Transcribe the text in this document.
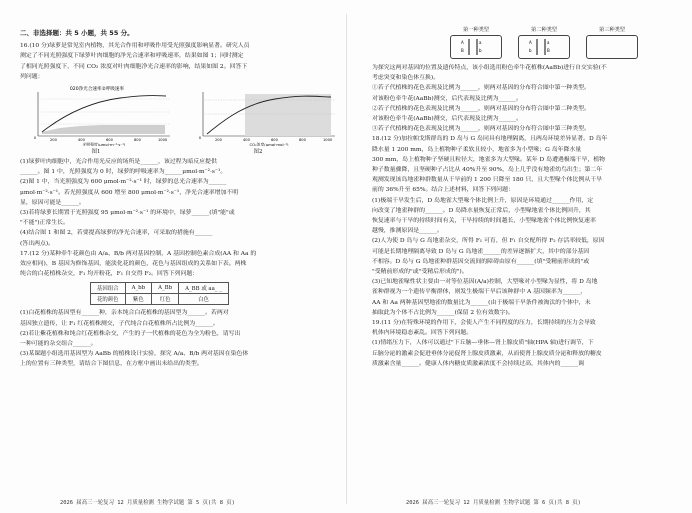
二、非选择题：共 5 小题，共 55 分。

16.(10 分)绿萝是常见室内植物，其光合作用和呼吸作用受光照强度影响显著。研究人员

测定了不同光照强度下绿萝叶肉细胞的净光合速率和呼吸速率，结果如图 1；同时测定

了相同光照强度下，不同 CO₂ 浓度对叶肉细胞净光合速率的影响，结果如图 2。回答下

列问题：

020净光合速率②呼吸速率
0	200	400	600	800	1000
光照强度(μmol·m⁻²·s⁻¹)
0	200	400	600	800	1000
CO₂浓度(μmol·mol⁻¹)
图1	图2

(1)绿萝叶肉细胞中，光合作用光反应的场所是______，该过程为暗反应提供

______。图 1 中，光照强度为 0 时，绿萝的呼吸速率为______μmol·m⁻²·s⁻¹。

(2)图 1 中，当光照强度为 600 μmol·m⁻²·s⁻¹ 时，绿萝的总光合速率为______

μmol·m⁻²·s⁻¹。若光照强度从 600 增至 800 μmol·m⁻²·s⁻¹，净光合速率增加不明

显，原因可能是______。

(3)若将绿萝长期置于光照强度 95 μmol·m⁻²·s⁻¹ 的环境中，绿萝______(填"能"或

"不能")正常生长。

(4)结合图 1 和图 2，若要提高绿萝的净光合速率，可采取的措施有______

(答出两点)。

17.(12 分)某种牵牛花颜色由 A/a、B/b 两对基因控制，A 基因控制色素合成(AA 和 Aa 的

效应相同)，B 基因为修饰基因，能淡化花的颜色，花色与基因组成的关系如下表。两株

纯合的白花植株杂交，F₁ 均开粉花，F₁ 自交得 F₂。回答下列问题：

基因组合	A_bb	A_Bb	A_BB 或 aa_ _
花的颜色	紫色	红色	白色

(1)白花植株的基因型有______种，亲本纯合白花植株的基因型为______。若两对

基因独立遗传，让 F₁ 红花植株测交，子代纯合白花植株所占比例为______。

(2)若让紫花植株和纯合红花植株杂交，产生的子一代植株的花色为全为粉色，请写出

一种可能的杂交组合______。

(3)某课题小组选用基因型为 AaBb 的植株设计实验，探究 A/a、B/b 两对基因在染色体

上的位置有三种类型，请结合下图信息，在方框中画出未给出的类型。

2026 届高三一轮复习 12 月质量检测 生物学试题 第 5 页(共 8 页)
第一种类型
A	a
B	b
第二种类型
A	a
b	B
第三种类型

为探究这两对基因的位置及遗传特点，该小组选用粉色牵牛花植株(AaBb)进行自交实验(不

考虑突变和染色体互换)。

①若子代植株的花色表现及比例为______，则两对基因的分布符合图中第一种类型。

对该粉色牵牛花(AaBb)测交，后代表现及比例为______。

②若子代植株的花色表现及比例为______，则两对基因的分布符合图中第二种类型。

对该粉色牵牛花(AaBb)测交，后代表现及比例为______。

③若子代植株的花色表现及比例为______，则两对基因的分布符合图中第三种类型。

18.(12 分)加拉帕戈斯群岛的 D 岛与 G 岛同具有地理隔离，且两岛环境差异显著。D 岛年

降水量 1 200 mm，岛上植物种子柔软且较小，地雀多为小型喙；G 岛年降水量

300 mm，岛上植物种子坚硬且粒径大，地雀多为大型喙。某年 D 岛遭遇极端干旱，植物

种子数量骤降，且坚硬种子占比从 40%升至 90%，岛上几乎没有地雀幼鸟出生；第二年

观测发现该岛地雀种群数量从干旱前的 1 200 只降至 180 只，且大型喙个体比例从干旱

前的 36%升至 65%。结合上述材料，回答下列问题：

(1)极端干旱发生后，D 岛地雀大型喙个体比例上升，原因是环境通过______作用，定

向改变了地雀种群的______。D 岛降水量恢复正常后，小型喙地雀个体比例回升，其

恢复速率与干旱的持续时间有关，干旱持续的时间越长，小型喙地雀个体比例恢复速率

越慢，推测原因是______。

(2)人为使 D 岛与 G 岛地雀杂交，所得 F₁ 可育，但 F₁ 自交配所得 F₂ 存活率较低，原因

可能是长期地理隔离导致 D 岛与 G 岛地雀______的差异逐渐扩大，其中的部分基因

不相容。D 岛与 G 岛地雀种群基因交流间的障碍由原有______(填"受精前形成的"或

"受精前形成的"或"受精后形成的")。

(3)已知地雀喙性状主要由一对等位基因(A/a)控制，大型喙对小型喙为显性，将 D 岛地

雀种群视为一个遗传平衡群体，则发生极端干旱后该种群中 A 基因频率为______，

AA 和 Aa 两种基因型地雀的数量比为______(由于极端干旱条件被淘汰的个体中，未

抽取此为个体不占比例为______(保留 2 位有效数字)。

19.(11 分)在特殊环境的作用下，会使人产生不同程度的压力，长期持续的压力会导致

机体内环境稳态紊乱。回答下列问题。

(1)情绪压力下，人体可以通过"下丘脑—垂体—肾上腺皮质"轴(HPA 轴)进行调节，下

丘脑分泌的激素会促进垂体分泌促肾上腺皮质激素，从而使肾上腺皮质分泌和释放的糖皮

质激素含量______。健康人体内糖皮质激素浓度不会持续过高，其体内的______调

2026 届高三一轮复习 12 月质量检测 生物学试题 第 6 页(共 8 页)
